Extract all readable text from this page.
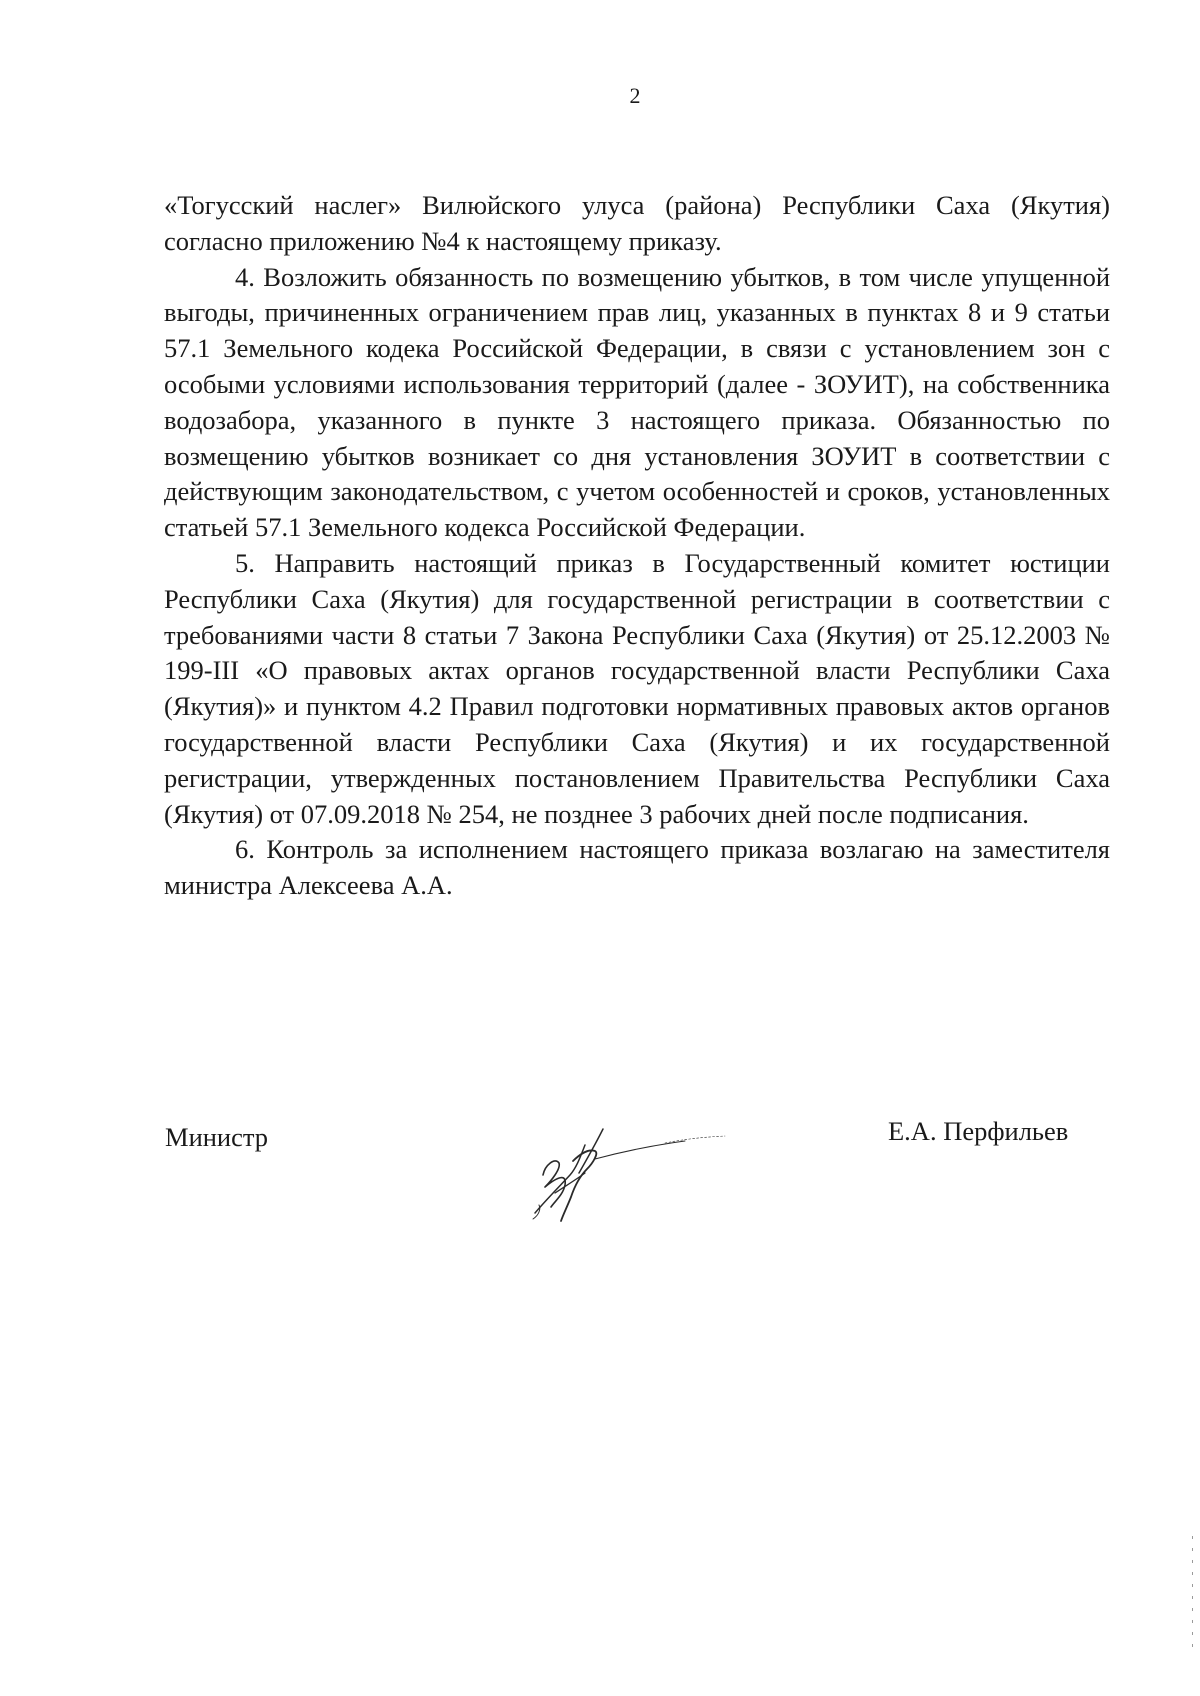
2

«Тогусский наслег» Вилюйского улуса (района) Республики Саха (Якутия) согласно приложению №4 к настоящему приказу.

4. Возложить обязанность по возмещению убытков, в том числе упущенной выгоды, причиненных ограничением прав лиц, указанных в пунктах 8 и 9 статьи 57.1 Земельного кодека Российской Федерации, в связи с установлением зон с особыми условиями использования территорий (далее - ЗОУИТ), на собственника водозабора, указанного в пункте 3 настоящего приказа. Обязанностью по возмещению убытков возникает со дня установления ЗОУИТ в соответствии с действующим законодательством, с учетом особенностей и сроков, установленных статьей 57.1 Земельного кодекса Российской Федерации.

5. Направить настоящий приказ в Государственный комитет юстиции Республики Саха (Якутия) для государственной регистрации в соответствии с требованиями части 8 статьи 7 Закона Республики Саха (Якутия) от 25.12.2003 № 199-III «О правовых актах органов государственной власти Республики Саха (Якутия)» и пунктом 4.2 Правил подготовки нормативных правовых актов органов государственной власти Республики Саха (Якутия) и их государственной регистрации, утвержденных постановлением Правительства Республики Саха (Якутия) от 07.09.2018 № 254, не позднее 3 рабочих дней после подписания.

6. Контроль за исполнением настоящего приказа возлагаю на заместителя министра Алексеева А.А.

Министр	Е.А. Перфильев
